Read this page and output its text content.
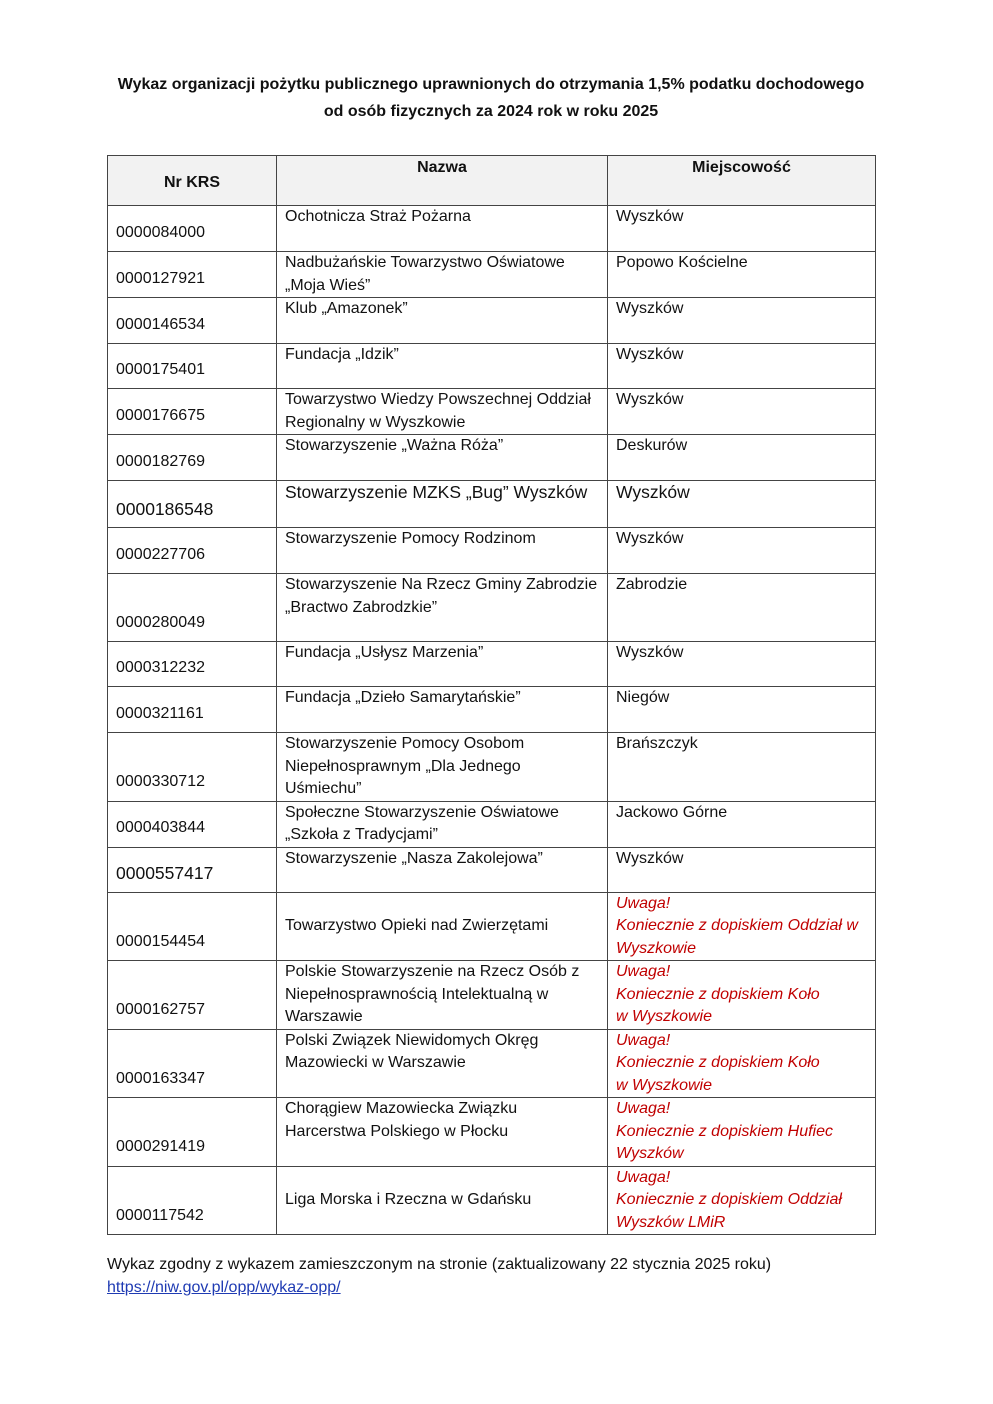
Wykaz organizacji pożytku publicznego uprawnionych do otrzymania 1,5% podatku dochodowego od osób fizycznych za 2024 rok w roku 2025
Nr KRS	Nazwa	Miejscowość
0000084000	Ochotnicza Straż Pożarna	Wyszków
0000127921	Nadbużańskie Towarzystwo Oświatowe „Moja Wieś”	Popowo Kościelne
0000146534	Klub „Amazonek”	Wyszków
0000175401	Fundacja „Idzik”	Wyszków
0000176675	Towarzystwo Wiedzy Powszechnej Oddział Regionalny w Wyszkowie	Wyszków
0000182769	Stowarzyszenie „Ważna Róża”	Deskurów
0000186548	Stowarzyszenie MZKS „Bug” Wyszków	Wyszków
0000227706	Stowarzyszenie Pomocy Rodzinom	Wyszków
0000280049	Stowarzyszenie Na Rzecz Gminy Zabrodzie „Bractwo Zabrodzkie”	Zabrodzie
0000312232	Fundacja „Usłysz Marzenia”	Wyszków
0000321161	Fundacja „Dzieło Samarytańskie”	Niegów
0000330712	Stowarzyszenie Pomocy Osobom Niepełnosprawnym „Dla Jednego Uśmiechu”	Brańszczyk
0000403844	Społeczne Stowarzyszenie Oświatowe „Szkoła z Tradycjami”	Jackowo Górne
0000557417	Stowarzyszenie „Nasza Zakolejowa”	Wyszków
0000154454	Towarzystwo Opieki nad Zwierzętami	Uwaga!
Koniecznie z dopiskiem Oddział w Wyszkowie
0000162757	Polskie Stowarzyszenie na Rzecz Osób z Niepełnosprawnością Intelektualną w Warszawie	Uwaga!
Koniecznie z dopiskiem Koło
w Wyszkowie
0000163347	Polski Związek Niewidomych Okręg Mazowiecki w Warszawie	Uwaga!
Koniecznie z dopiskiem Koło
w Wyszkowie
0000291419	Chorągiew Mazowiecka Związku Harcerstwa Polskiego w Płocku	Uwaga!
Koniecznie z dopiskiem Hufiec Wyszków
0000117542	Liga Morska i Rzeczna w Gdańsku	Uwaga!
Koniecznie z dopiskiem Oddział Wyszków LMiR
Wykaz zgodny z wykazem zamieszczonym na stronie (zaktualizowany 22 stycznia 2025 roku)
https://niw.gov.pl/opp/wykaz-opp/
